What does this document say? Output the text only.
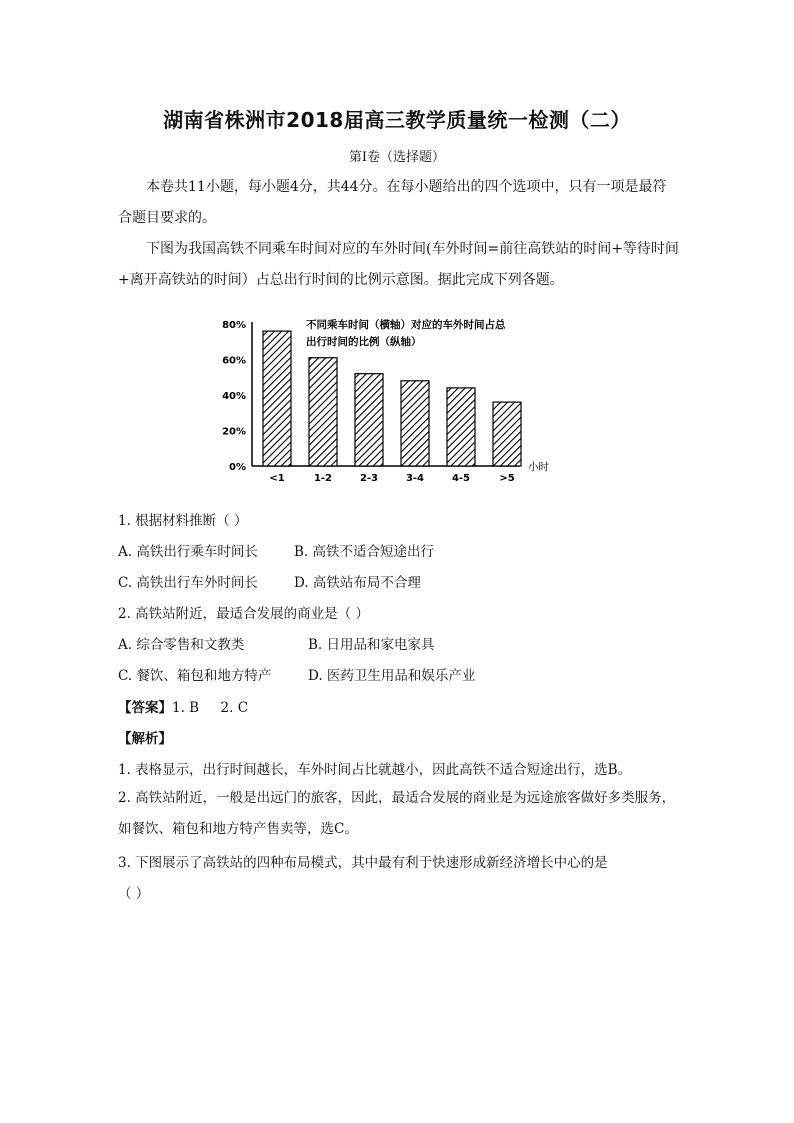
湖南省株洲市2018届高三教学质量统一检测（二）
第Ⅰ卷（选择题）
本卷共11小题，每小题4分，共44分。在每小题给出的四个选项中，只有一项是最符合题目要求的。
下图为我国高铁不同乘车时间对应的车外时间(车外时间=前往高铁站的时间+等待时间+离开高铁站的时间）占总出行时间的比例示意图。据此完成下列各题。
0%
20%
40%
60%
80%
<1	1-2	2-3	3-4	4-5	>5
不同乘车时间（横轴）对应的车外时间占总
出行时间的比例（纵轴）
小时
1. 根据材料推断（ ）
A. 高铁出行乘车时间长	B. 高铁不适合短途出行
C. 高铁出行车外时间长	D. 高铁站布局不合理
2. 高铁站附近，最适合发展的商业是（ ）
A. 综合零售和文教类	B. 日用品和家电家具
C. 餐饮、箱包和地方特产	D. 医药卫生用品和娱乐产业
【答案】1. B     2. C
【解析】
1. 表格显示，出行时间越长，车外时间占比就越小，因此高铁不适合短途出行，选B。
2. 高铁站附近，一般是出远门的旅客，因此，最适合发展的商业是为远途旅客做好多类服务，如餐饮、箱包和地方特产售卖等，选C。
3. 下图展示了高铁站的四种布局模式，其中最有利于快速形成新经济增长中心的是
（ ）
